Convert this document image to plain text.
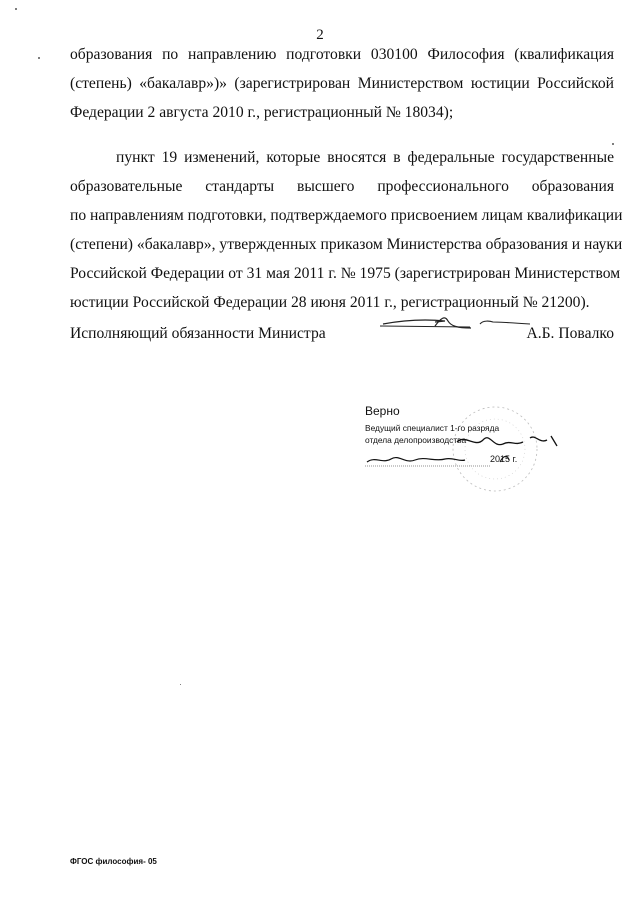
2
образования по направлению подготовки 030100 Философия (квалификация
(степень) «бакалавр»)» (зарегистрирован Министерством юстиции Российской
Федерации 2 августа 2010 г., регистрационный № 18034);
пункт 19 изменений, которые вносятся в федеральные государственные
образовательные стандарты высшего профессионального образования
по направлениям подготовки, подтверждаемого присвоением лицам квалификации
(степени) «бакалавр», утвержденных приказом Министерства образования и науки
Российской Федерации от 31 мая 2011 г. № 1975 (зарегистрирован Министерством
юстиции Российской Федерации 28 июня 2011 г., регистрационный № 21200).
Исполняющий обязанности Министра	А.Б. Повалко
Верно
Ведущий специалист 1-го разряда
отдела делопроизводства
2015 г.
ФГОС философия- 05
